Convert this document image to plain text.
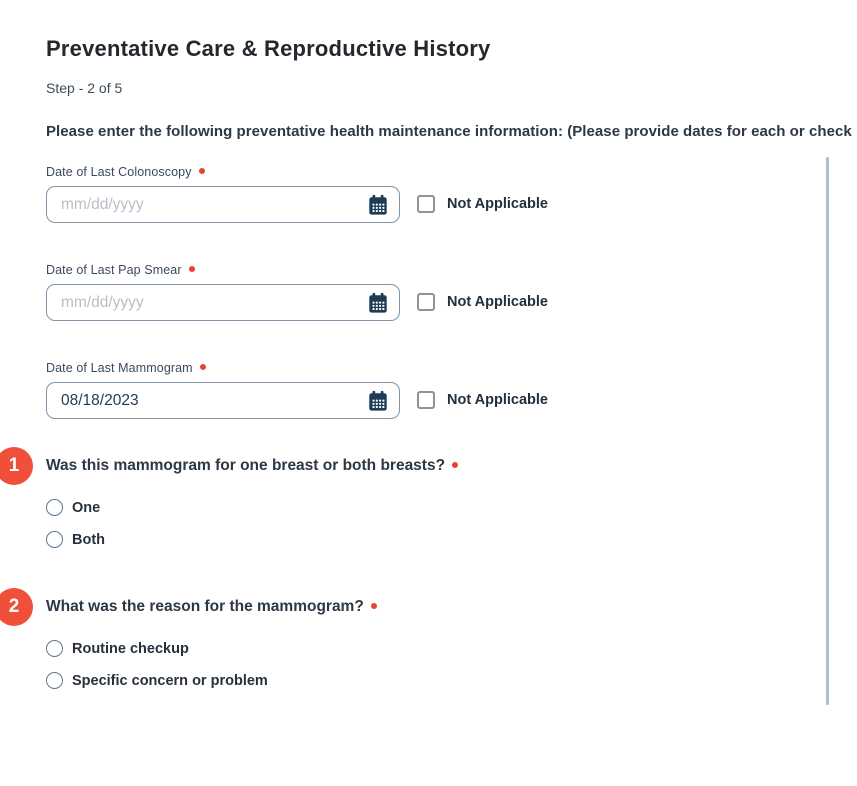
Preventative Care & Reproductive History
Step - 2 of 5
Please enter the following preventative health maintenance information: (Please provide dates for each or check
Date of Last Colonoscopy
mm/dd/yyyy
Not Applicable
Date of Last Pap Smear
mm/dd/yyyy
Not Applicable
Date of Last Mammogram
08/18/2023
Not Applicable
1	Was this mammogram for one breast or both breasts?
One
Both
2	What was the reason for the mammogram?
Routine checkup
Specific concern or problem
